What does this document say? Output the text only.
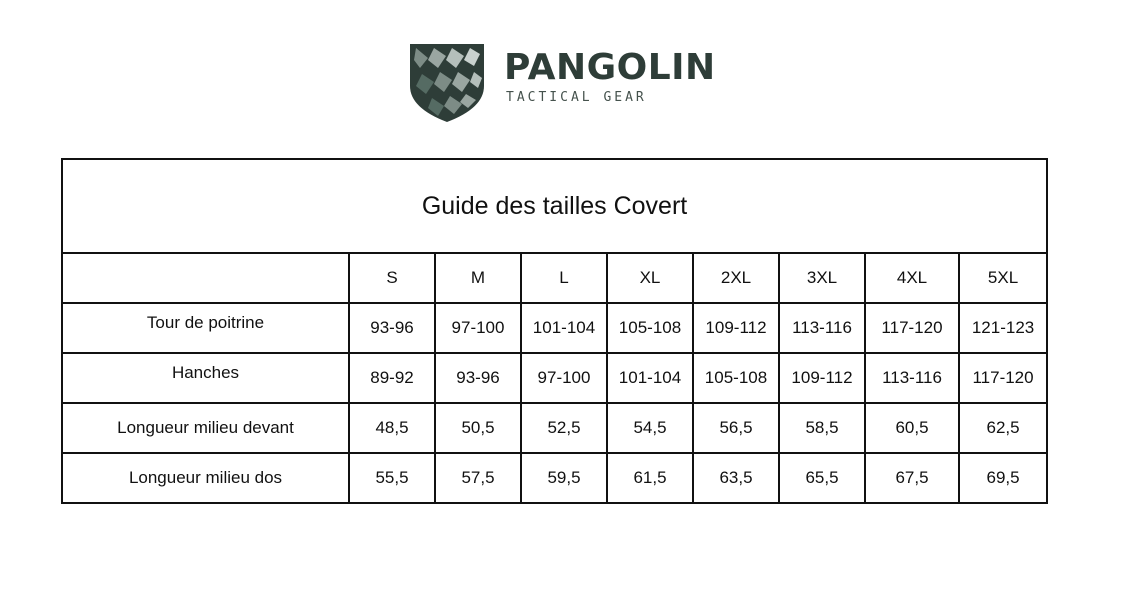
PANGOLIN
TACTICAL GEAR
Guide des tailles Covert								
	S	M	L	XL	2XL	3XL	4XL	5XL

Tour de poitrine	93-96	97-100	101-104	105-108	109-112	113-116	117-120	121-123

Hanches	89-92	93-96	97-100	101-104	105-108	109-112	113-116	117-120
Longueur milieu devant	48,5	50,5	52,5	54,5	56,5	58,5	60,5	62,5
Longueur milieu dos	55,5	57,5	59,5	61,5	63,5	65,5	67,5	69,5
